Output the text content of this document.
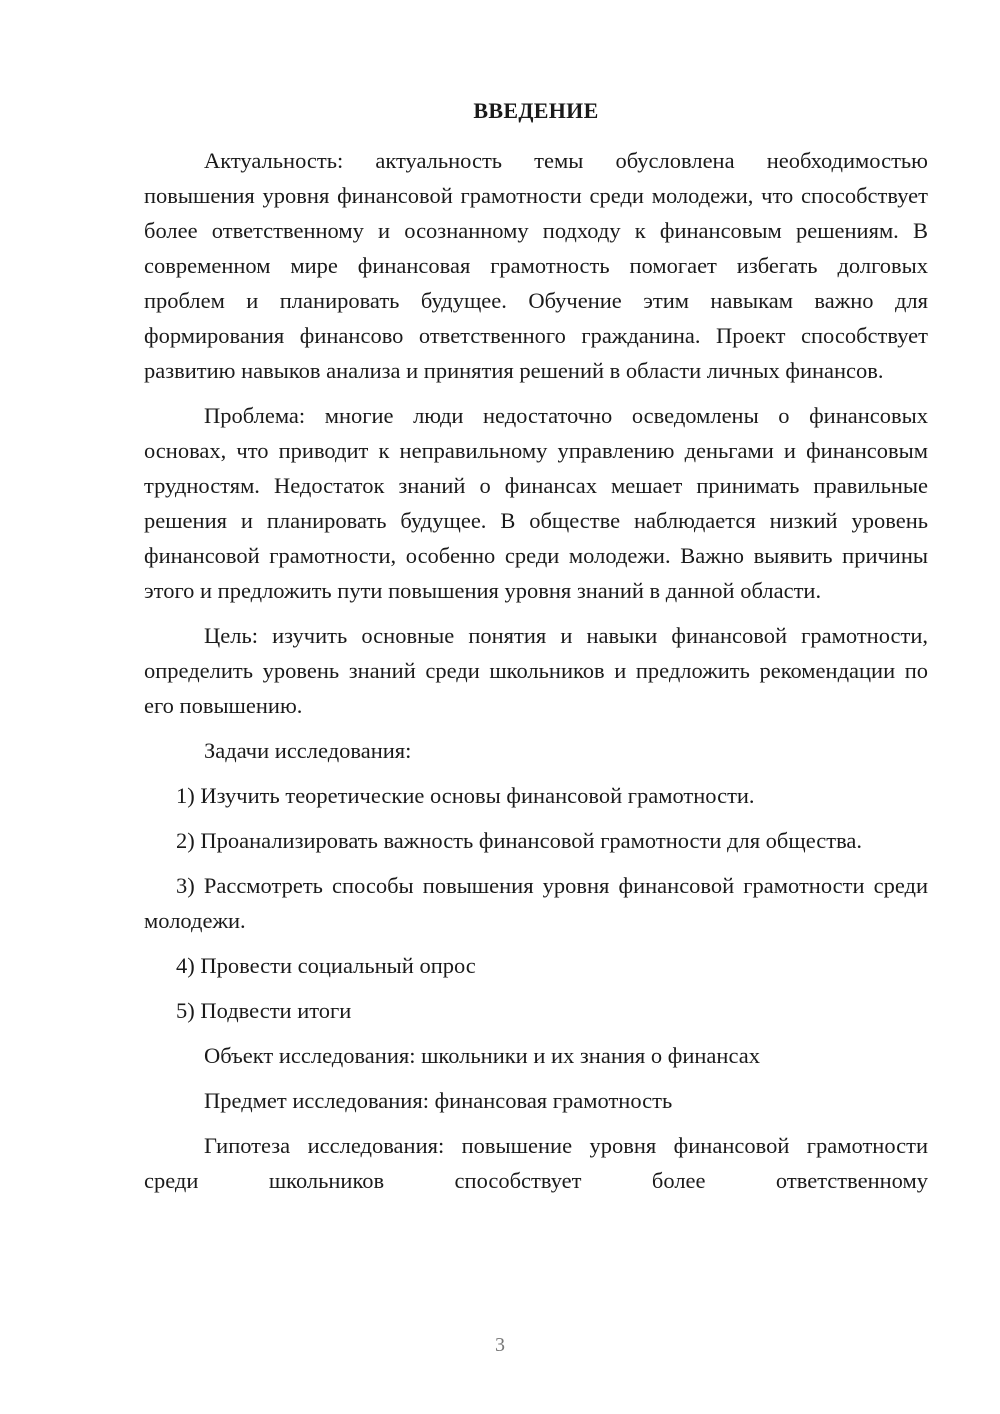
ВВЕДЕНИЕ

Актуальность: актуальность темы обусловлена необходимостью повышения уровня финансовой грамотности среди молодежи, что способствует более ответственному и осознанному подходу к финансовым решениям. В современном мире финансовая грамотность помогает избегать долговых проблем и планировать будущее. Обучение этим навыкам важно для формирования финансово ответственного гражданина. Проект способствует развитию навыков анализа и принятия решений в области личных финансов.

Проблема: многие люди недостаточно осведомлены о финансовых основах, что приводит к неправильному управлению деньгами и финансовым трудностям. Недостаток знаний о финансах мешает принимать правильные решения и планировать будущее. В обществе наблюдается низкий уровень финансовой грамотности, особенно среди молодежи. Важно выявить причины этого и предложить пути повышения уровня знаний в данной области.

Цель: изучить основные понятия и навыки финансовой грамотности, определить уровень знаний среди школьников и предложить рекомендации по его повышению.

Задачи исследования:

1) Изучить теоретические основы финансовой грамотности.

2) Проанализировать важность финансовой грамотности для общества.

3) Рассмотреть способы повышения уровня финансовой грамотности среди молодежи.

4) Провести социальный опрос

5) Подвести итоги

Объект исследования: школьники и их знания о финансах

Предмет исследования: финансовая грамотность

Гипотеза исследования: повышение уровня финансовой грамотности среди школьников способствует более ответственному

3
